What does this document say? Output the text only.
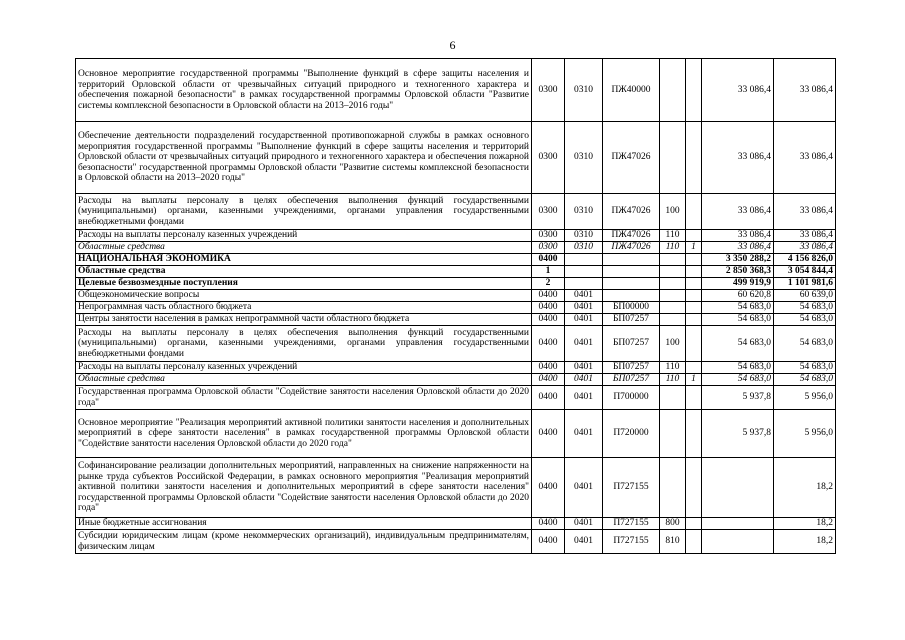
6
Основное мероприятие государственной программы "Выполнение функций в сфере защиты населения и территорий Орловской области от чрезвычайных ситуаций природного и техногенного характера и обеспечения пожарной безопасности" в рамках государственной программы Орловской области "Развитие системы комплексной безопасности в Орловской области на 2013–2016 годы"	0300	0310	ПЖ40000			33 086,4	33 086,4
Обеспечение деятельности подразделений государственной противопожарной службы в рамках основного мероприятия государственной программы "Выполнение функций в сфере защиты населения и территорий Орловской области от чрезвычайных ситуаций природного и техногенного характера и обеспечения пожарной безопасности" государственной программы Орловской области "Развитие системы комплексной безопасности в Орловской области на 2013–2020 годы"	0300	0310	ПЖ47026			33 086,4	33 086,4
Расходы на выплаты персоналу в целях обеспечения выполнения функций государственными (муниципальными) органами, казенными учреждениями, органами управления государственными внебюджетными фондами	0300	0310	ПЖ47026	100		33 086,4	33 086,4
Расходы на выплаты персоналу казенных учреждений	0300	0310	ПЖ47026	110		33 086,4	33 086,4
Областные средства	0300	0310	ПЖ47026	110	1	33 086,4	33 086,4
НАЦИОНАЛЬНАЯ ЭКОНОМИКА	0400					3 350 288,2	4 156 826,0
Областные средства	1					2 850 368,3	3 054 844,4
Целевые безвозмездные поступления	2					499 919,9	1 101 981,6
Общеэкономические вопросы	0400	0401				60 620,8	60 639,0
Непрограммная часть областного бюджета	0400	0401	БП00000			54 683,0	54 683,0
Центры занятости населения в рамках непрограммной части областного бюджета	0400	0401	БП07257			54 683,0	54 683,0
Расходы на выплаты персоналу в целях обеспечения выполнения функций государственными (муниципальными) органами, казенными учреждениями, органами управления государственными внебюджетными фондами	0400	0401	БП07257	100		54 683,0	54 683,0
Расходы на выплаты персоналу казенных учреждений	0400	0401	БП07257	110		54 683,0	54 683,0
Областные средства	0400	0401	БП07257	110	1	54 683,0	54 683,0
Государственная программа Орловской области "Содействие занятости населения Орловской области до 2020 года"	0400	0401	П700000			5 937,8	5 956,0
Основное мероприятие "Реализация мероприятий активной политики занятости населения и дополнительных мероприятий в сфере занятости населения" в рамках государственной программы Орловской области "Содействие занятости населения Орловской области до 2020 года"	0400	0401	П720000			5 937,8	5 956,0
Софинансирование реализации дополнительных мероприятий, направленных на снижение напряженности на рынке труда субъектов Российской Федерации, в рамках основного мероприятия "Реализация мероприятий активной политики занятости населения и дополнительных мероприятий в сфере занятости населения" государственной программы Орловской области "Содействие занятости населения Орловской области до 2020 года"	0400	0401	П727155				18,2
Иные бюджетные ассигнования	0400	0401	П727155	800			18,2
Субсидии юридическим лицам (кроме некоммерческих организаций), индивидуальным предпринимателям, физическим лицам	0400	0401	П727155	810			18,2
